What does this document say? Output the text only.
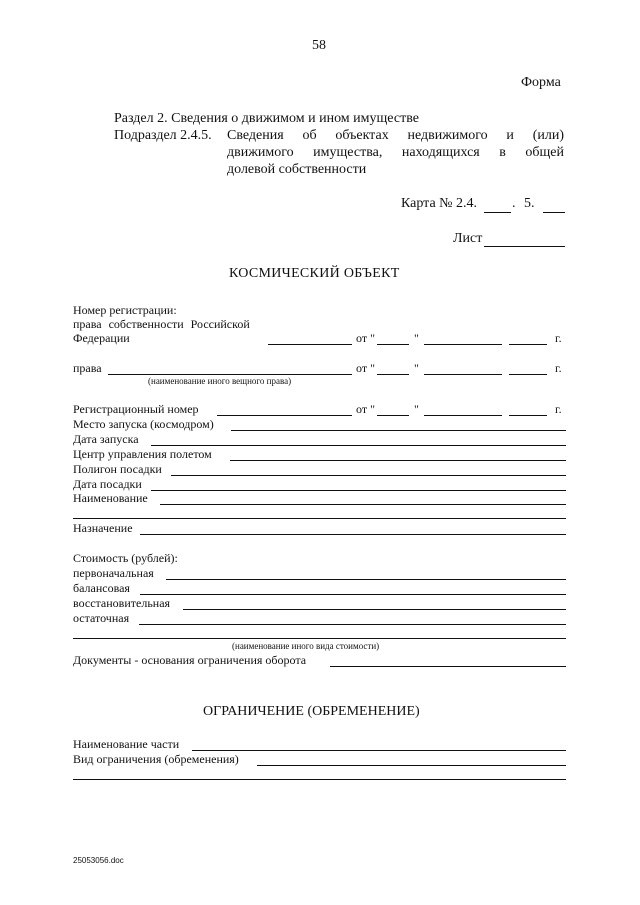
58
Форма
Раздел 2. Сведения о движимом и ином имуществе
Подраздел 2.4.5. Сведения об объектах недвижимого и (или)
движимого имущества, находящихся в общей
долевой собственности
Карта № 2.4. . 5.
Лист
КОСМИЧЕСКИЙ ОБЪЕКТ
Номер регистрации:
права собственности Российской
Федерации	от "	"	г.
права
(наименование иного вещного права)
от "	"	г.
Регистрационный номер	от "	"	г.
Место запуска (космодром)
Дата запуска
Центр управления полетом
Полигон посадки
Дата посадки
Наименование
Назначение
Стоимость (рублей):
первоначальная
балансовая
восстановительная
остаточная
(наименование иного вида стоимости)
Документы - основания ограничения оборота
ОГРАНИЧЕНИЕ (ОБРЕМЕНЕНИЕ)
Наименование части
Вид ограничения (обременения)
25053056.doc
